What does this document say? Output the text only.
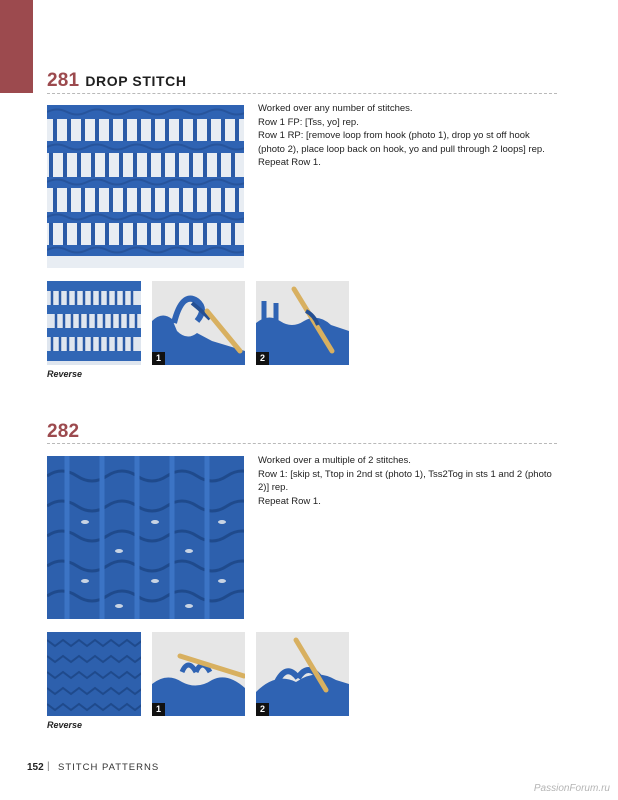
281 DROP STITCH

Worked over any number of stitches.

Row 1 FP: [Tss, yo] rep.

Row 1 RP: [remove loop from hook (photo 1), drop yo st off hook (photo 2), place loop back on hook, yo and pull through 2 loops] rep.

Repeat Row 1.

Reverse
1	2
282

Worked over a multiple of 2 stitches.

Row 1: [skip st, Ttop in 2nd st (photo 1), Tss2Tog in sts 1 and 2 (photo 2)] rep.

Repeat Row 1.

Reverse
1	2
152 | STITCH PATTERNS
PassionForum.ru
